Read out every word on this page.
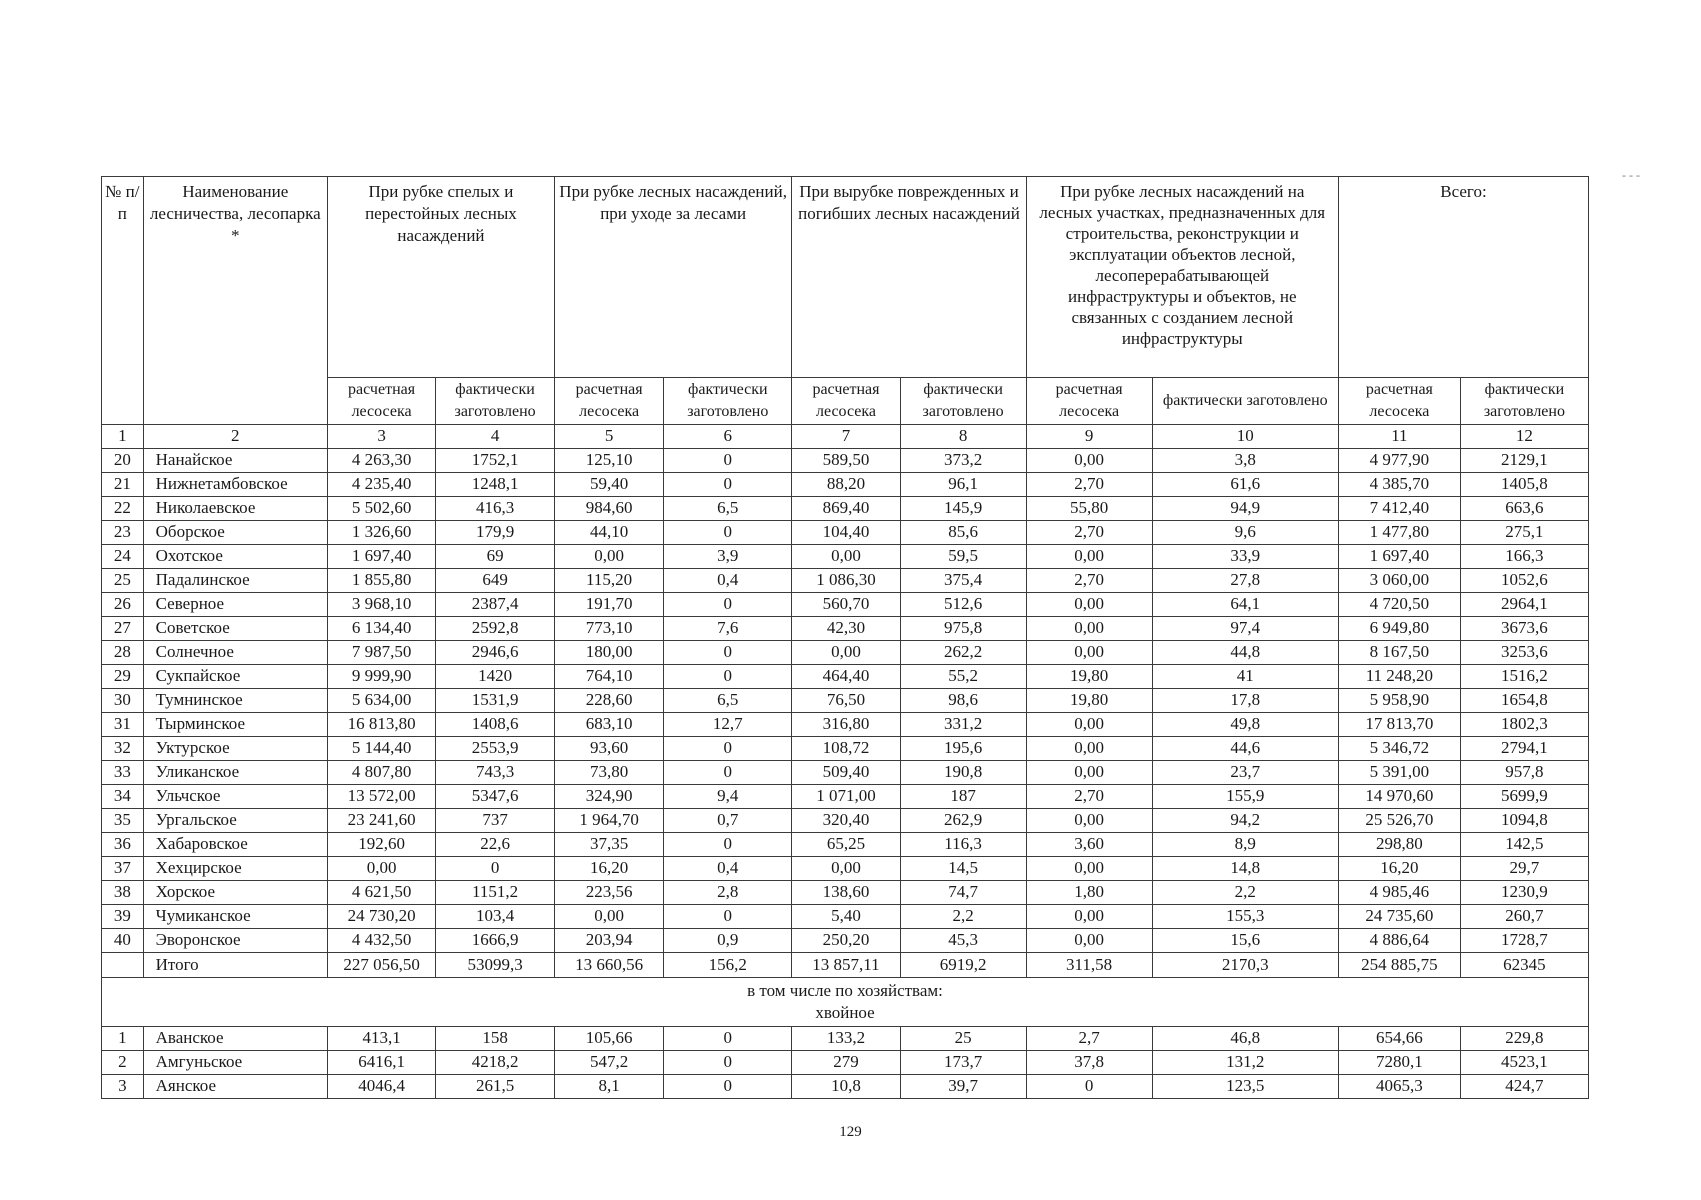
№ п/п	Наименование лесничества, лесопарка *	При рубке спелых и перестойных лесных насаждений		При рубке лесных насаждений, при уходе за лесами		При вырубке поврежденных и погибших лесных насаждений		При рубке лесных насаждений на лесных участках, предназначенных для строительства, реконструкции и эксплуатации объектов лесной, лесоперерабатывающей инфраструктуры и объектов, не связанных с созданием лесной инфраструктуры		Всего:	
		расчетная лесосека	фактически заготовлено	расчетная лесосека	фактически заготовлено	расчетная лесосека	фактически заготовлено	расчетная лесосека	фактически заготовлено	расчетная лесосека	фактически заготовлено
1	2	3	4	5	6	7	8	9	10	11	12
20	Нанайское	4 263,30	1752,1	125,10	0	589,50	373,2	0,00	3,8	4 977,90	2129,1
21	Нижнетамбовское	4 235,40	1248,1	59,40	0	88,20	96,1	2,70	61,6	4 385,70	1405,8
22	Николаевское	5 502,60	416,3	984,60	6,5	869,40	145,9	55,80	94,9	7 412,40	663,6
23	Оборское	1 326,60	179,9	44,10	0	104,40	85,6	2,70	9,6	1 477,80	275,1
24	Охотское	1 697,40	69	0,00	3,9	0,00	59,5	0,00	33,9	1 697,40	166,3
25	Падалинское	1 855,80	649	115,20	0,4	1 086,30	375,4	2,70	27,8	3 060,00	1052,6
26	Северное	3 968,10	2387,4	191,70	0	560,70	512,6	0,00	64,1	4 720,50	2964,1
27	Советское	6 134,40	2592,8	773,10	7,6	42,30	975,8	0,00	97,4	6 949,80	3673,6
28	Солнечное	7 987,50	2946,6	180,00	0	0,00	262,2	0,00	44,8	8 167,50	3253,6
29	Сукпайское	9 999,90	1420	764,10	0	464,40	55,2	19,80	41	11 248,20	1516,2
30	Тумнинское	5 634,00	1531,9	228,60	6,5	76,50	98,6	19,80	17,8	5 958,90	1654,8
31	Тырминское	16 813,80	1408,6	683,10	12,7	316,80	331,2	0,00	49,8	17 813,70	1802,3
32	Уктурское	5 144,40	2553,9	93,60	0	108,72	195,6	0,00	44,6	5 346,72	2794,1
33	Уликанское	4 807,80	743,3	73,80	0	509,40	190,8	0,00	23,7	5 391,00	957,8
34	Ульчское	13 572,00	5347,6	324,90	9,4	1 071,00	187	2,70	155,9	14 970,60	5699,9
35	Ургальское	23 241,60	737	1 964,70	0,7	320,40	262,9	0,00	94,2	25 526,70	1094,8
36	Хабаровское	192,60	22,6	37,35	0	65,25	116,3	3,60	8,9	298,80	142,5
37	Хехцирское	0,00	0	16,20	0,4	0,00	14,5	0,00	14,8	16,20	29,7
38	Хорское	4 621,50	1151,2	223,56	2,8	138,60	74,7	1,80	2,2	4 985,46	1230,9
39	Чумиканское	24 730,20	103,4	0,00	0	5,40	2,2	0,00	155,3	24 735,60	260,7
40	Эворонское	4 432,50	1666,9	203,94	0,9	250,20	45,3	0,00	15,6	4 886,64	1728,7
	Итого	227 056,50	53099,3	13 660,56	156,2	13 857,11	6919,2	311,58	2170,3	254 885,75	62345

в том числе по хозяйствам:
хвойное											

1	Аванское	413,1	158	105,66	0	133,2	25	2,7	46,8	654,66	229,8
2	Амгуньское	6416,1	4218,2	547,2	0	279	173,7	37,8	131,2	7280,1	4523,1
3	Аянское	4046,4	261,5	8,1	0	10,8	39,7	0	123,5	4065,3	424,7
129
- - -
